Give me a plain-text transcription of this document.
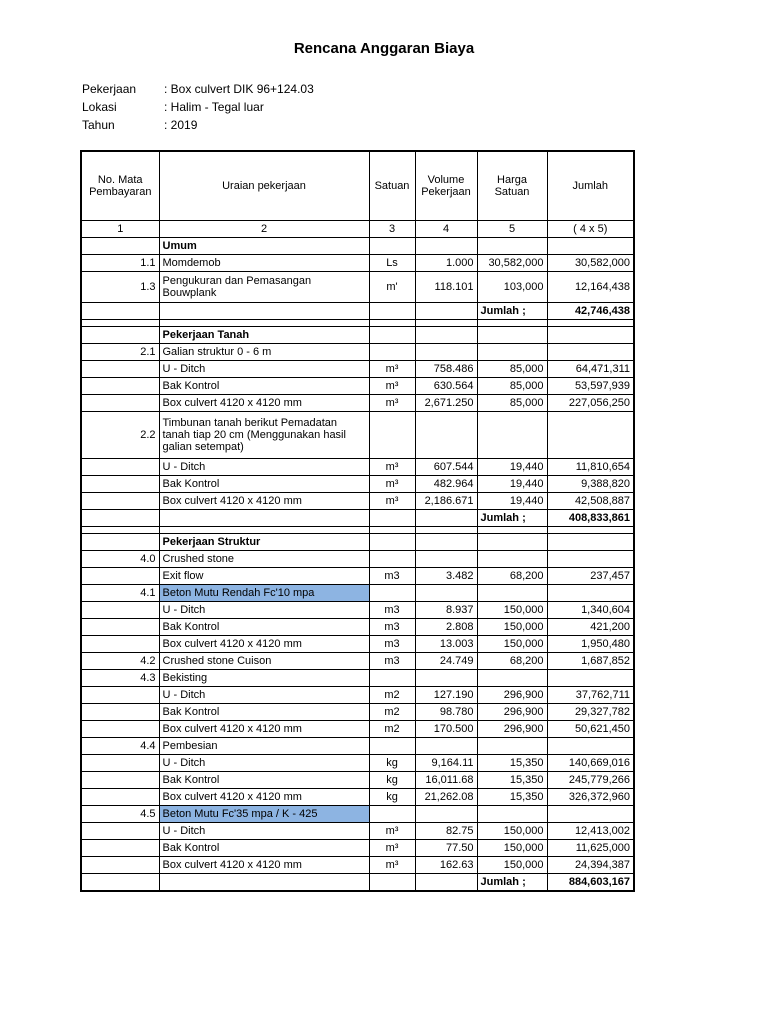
Rencana Anggaran Biaya
Pekerjaan	: Box culvert DIK 96+124.03
Lokasi	: Halim - Tegal luar
Tahun	: 2019
No. Mata Pembayaran	Uraian pekerjaan	Satuan	Volume Pekerjaan	Harga Satuan	Jumlah
1	2	3	4	5	( 4 x 5)
	Umum				
1.1	Momdemob	Ls	1.000	30,582,000	30,582,000
1.3	Pengukuran dan Pemasangan Bouwplank	m'	118.101	103,000	12,164,438
				Jumlah ;	42,746,438

	Pekerjaan Tanah				
2.1	Galian struktur 0 - 6 m				
	U - Ditch	m³	758.486	85,000	64,471,311
	Bak Kontrol	m³	630.564	85,000	53,597,939
	Box culvert 4120 x 4120 mm	m³	2,671.250	85,000	227,056,250
2.2	Timbunan tanah berikut Pemadatan tanah tiap 20 cm (Menggunakan hasil galian setempat)				
	U - Ditch	m³	607.544	19,440	11,810,654
	Bak Kontrol	m³	482.964	19,440	9,388,820
	Box culvert 4120 x 4120 mm	m³	2,186.671	19,440	42,508,887
				Jumlah ;	408,833,861

	Pekerjaan Struktur				
4.0	Crushed stone				
	Exit flow	m3	3.482	68,200	237,457
4.1	Beton Mutu Rendah Fc'10 mpa				
	U - Ditch	m3	8.937	150,000	1,340,604
	Bak Kontrol	m3	2.808	150,000	421,200
	Box culvert 4120 x 4120 mm	m3	13.003	150,000	1,950,480
4.2	Crushed stone Cuison	m3	24.749	68,200	1,687,852
4.3	Bekisting				
	U - Ditch	m2	127.190	296,900	37,762,711
	Bak Kontrol	m2	98.780	296,900	29,327,782
	Box culvert 4120 x 4120 mm	m2	170.500	296,900	50,621,450
4.4	Pembesian				
	U - Ditch	kg	9,164.11	15,350	140,669,016
	Bak Kontrol	kg	16,011.68	15,350	245,779,266
	Box culvert 4120 x 4120 mm	kg	21,262.08	15,350	326,372,960
4.5	Beton Mutu Fc'35 mpa / K - 425				
	U - Ditch	m³	82.75	150,000	12,413,002
	Bak Kontrol	m³	77.50	150,000	11,625,000
	Box culvert 4120 x 4120 mm	m³	162.63	150,000	24,394,387
				Jumlah ;	884,603,167
